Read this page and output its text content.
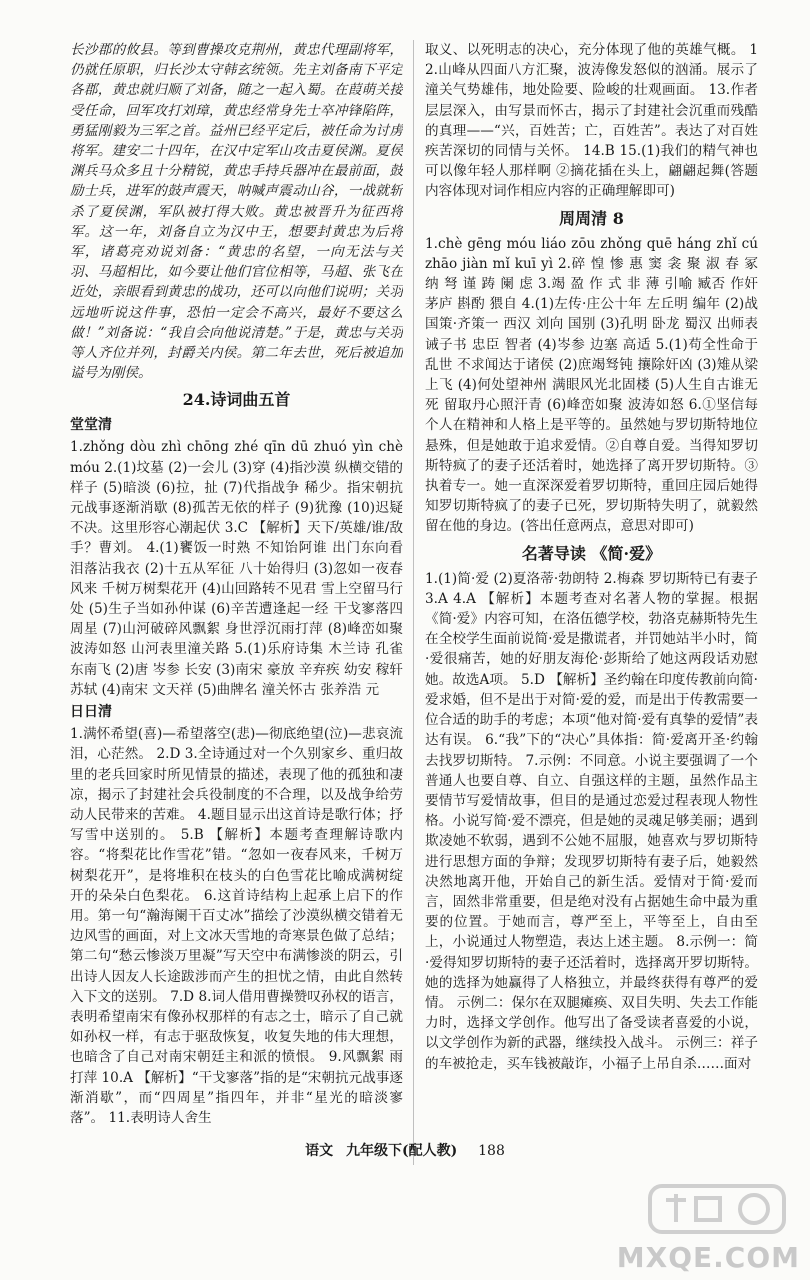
长沙郡的攸县。等到曹操攻克荆州，黄忠代理副将军，仍就任原职，归长沙太守韩玄统领。先主刘备南下平定各郡，黄忠就归顺了刘备，随之一起入蜀。在葭萌关接受任命，回军攻打刘璋，黄忠经常身先士卒冲锋陷阵，勇猛刚毅为三军之首。益州已经平定后，被任命为讨虏将军。建安二十四年，在汉中定军山攻击夏侯渊。夏侯渊兵马众多且十分精锐，黄忠手持兵器冲在最前面，鼓励士兵，进军的鼓声震天，呐喊声震动山谷，一战就斩杀了夏侯渊，军队被打得大败。黄忠被晋升为征西将军。这一年，刘备自立为汉中王，想要封黄忠为后将军，诸葛亮劝说刘备：“黄忠的名望，一向无法与关羽、马超相比，如今要让他们官位相等，马超、张飞在近处，亲眼看到黄忠的战功，还可以向他们说明；关羽远地听说这件事，恐怕一定会不高兴，最好不要这么做！”刘备说：“我自会向他说清楚。”于是，黄忠与关羽等人齐位并列，封爵关内侯。第二年去世，死后被追加谥号为刚侯。

24.诗词曲五首
堂堂清

1.zhǒng dòu zhì chōng zhé qīn dū zhuó yìn chè móu 2.(1)坟墓 (2)一会儿 (3)穿 (4)指沙漠 纵横交错的样子 (5)暗淡 (6)拉，扯 (7)代指战争 稀少。指宋朝抗元战事逐渐消歇 (8)孤苦无依的样子 (9)犹豫 (10)迟疑不决。这里形容心潮起伏 3.C 【解析】天下/英雄/谁/敌手？曹刘。 4.(1)饔饭一时熟 不知饴阿谁 出门东向看 泪落沾我衣 (2)十五从军征 八十始得归 (3)忽如一夜春风来 千树万树梨花开 (4)山回路转不见君 雪上空留马行处 (5)生子当如孙仲谋 (6)辛苦遭逢起一经 干戈寥落四周星 (7)山河破碎风飘絮 身世浮沉雨打萍 (8)峰峦如聚 波涛如怒 山河表里潼关路 5.(1)乐府诗集 木兰诗 孔雀东南飞 (2)唐 岑参 长安 (3)南宋 豪放 辛弃疾 幼安 稼轩 苏轼 (4)南宋 文天祥 (5)曲牌名 潼关怀古 张养浩 元

日日清

1.满怀希望(喜)—希望落空(悲)—彻底绝望(泣)—悲哀流泪，心茫然。 2.D 3.全诗通过对一个久别家乡、重归故里的老兵回家时所见情景的描述，表现了他的孤独和凄凉，揭示了封建社会兵役制度的不合理，以及战争给劳动人民带来的苦难。 4.题目显示出这首诗是歌行体；抒写雪中送别的。 5.B 【解析】本题考查理解诗歌内容。“将梨花比作雪花”错。“忽如一夜春风来，千树万树梨花开”，是将堆积在枝头的白色雪花比喻成满树绽开的朵朵白色梨花。 6.这首诗结构上起承上启下的作用。第一句“瀚海阑干百丈冰”描绘了沙漠纵横交错着无边风雪的画面，对上文冰天雪地的奇寒景色做了总结；第二句“愁云惨淡万里凝”写天空中布满惨淡的阴云，引出诗人因友人长途跋涉而产生的担忧之情，由此自然转入下文的送别。 7.D 8.词人借用曹操赞叹孙权的语言，表明希望南宋有像孙权那样的有志之士，暗示了自己就如孙权一样，有志于驱敌恢复，收复失地的伟大理想，也暗含了自己对南宋朝廷主和派的愤恨。 9.风飘絮 雨打萍 10.A 【解析】“干戈寥落”指的是“宋朝抗元战事逐渐消歇”，而“四周星”指四年，并非“星光的暗淡寥落”。 11.表明诗人舍生

取义、以死明志的决心，充分体现了他的英雄气概。 12.山峰从四面八方汇聚，波涛像发怒似的汹涌。展示了潼关气势雄伟，地处险要、险峻的壮观画面。 13.作者层层深入，由写景而怀古，揭示了封建社会沉重而残酷的真理——“兴，百姓苦；亡，百姓苦”。表达了对百姓疾苦深切的同情与关怀。 14.B 15.(1)我们的精气神也可以像年轻人那样啊 ②摘花插在头上，翩翩起舞(答题内容体现对词作相应内容的正确理解即可)

周周清 8

1.chè gēng móu liáo zōu zhǒng quē háng zhǐ cú zhāo jiàn mǐ kuī yì 2.碎 惶 惨 惠 窦 衾 聚 淑 春 冢 纳 弩 谨 踌 阑 虑 3.竭 盈 作 式 非 薄 引喻 臧否 作奸 茅庐 斟酌 猥自 4.(1)左传·庄公十年 左丘明 编年 (2)战国策·齐策一 西汉 刘向 国别 (3)孔明 卧龙 蜀汉 出师表 诫子书 忠臣 智者 (4)岑参 边塞 高适 5.(1)苟全性命于乱世 不求闻达于诸侯 (2)庶竭驽钝 攘除奸凶 (3)雉从梁上飞 (4)何处望神州 满眼风光北固楼 (5)人生自古谁无死 留取丹心照汗青 (6)峰峦如聚 波涛如怒 6.①坚信每个人在精神和人格上是平等的。虽然她与罗切斯特地位悬殊，但是她敢于追求爱情。②自尊自爱。当得知罗切斯特疯了的妻子还活着时，她选择了离开罗切斯特。③执着专一。她一直深深爱着罗切斯特，重回庄园后她得知罗切斯特疯了的妻子已死，罗切斯特失明了，就毅然留在他的身边。(答出任意两点，意思对即可)

名著导读 《简·爱》

1.(1)简·爱 (2)夏洛蒂·勃朗特 2.梅森 罗切斯特已有妻子 3.A 4.A 【解析】本题考查对名著人物的掌握。根据《简·爱》内容可知，在洛伍德学校，勃洛克赫斯特先生在全校学生面前说简·爱是撒谎者，并罚她站半小时，简·爱很痛苦，她的好朋友海伦·彭斯给了她这两段话劝慰她。故选A项。 5.D 【解析】圣约翰在印度传教前向简·爱求婚，但不是出于对简·爱的爱，而是出于传教需要一位合适的助手的考虑；本项“他对简·爱有真挚的爱情”表达有误。 6.“我”下的“决心”具体指：简·爱离开圣·约翰去找罗切斯特。 7.示例：不同意。小说主要强调了一个普通人也要自尊、自立、自强这样的主题，虽然作品主要情节写爱情故事，但目的是通过恋爱过程表现人物性格。小说写简·爱不漂亮，但是她的灵魂足够美丽；遇到欺凌她不软弱，遇到不公她不屈服，她喜欢与罗切斯特进行思想方面的争辩；发现罗切斯特有妻子后，她毅然决然地离开他，开始自己的新生活。爱情对于简·爱而言，固然非常重要，但是绝对没有占据她生命中最为重要的位置。于她而言，尊严至上，平等至上，自由至上，小说通过人物塑造，表达上述主题。 8.示例一：简·爱得知罗切斯特的妻子还活着时，选择离开罗切斯特。她的选择为她赢得了人格独立，并最终获得有尊严的爱情。 示例二：保尔在双腿瘫痪、双目失明、失去工作能力时，选择文学创作。他写出了备受读者喜爱的小说，以文学创作为新的武器，继续投入战斗。 示例三：祥子的车被抢走，买车钱被敲诈，小福子上吊自杀……面对

语文 九年级下(配人教) 188
MXQE.COM
